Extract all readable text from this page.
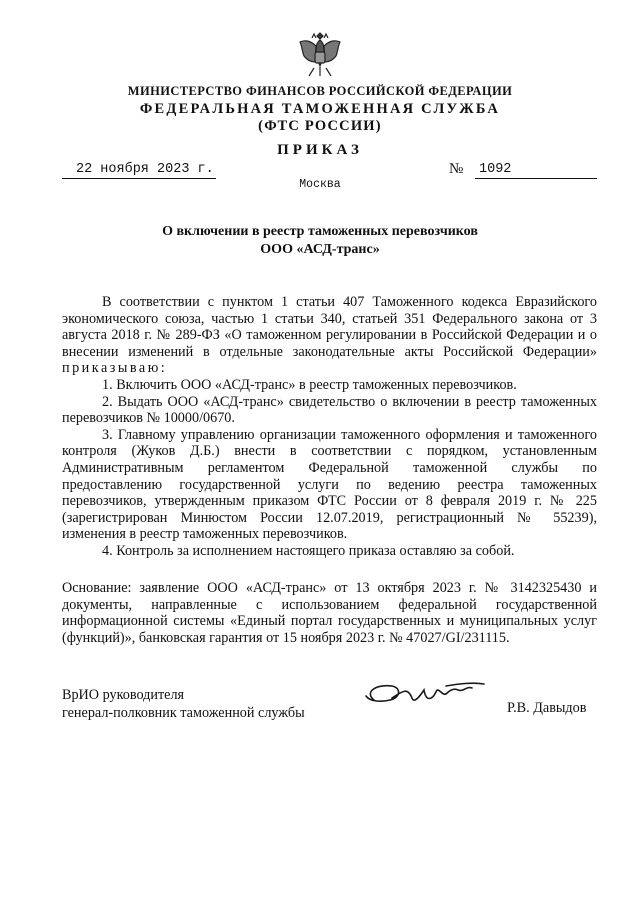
МИНИСТЕРСТВО ФИНАНСОВ РОССИЙСКОЙ ФЕДЕРАЦИИ
ФЕДЕРАЛЬНАЯ ТАМОЖЕННАЯ СЛУЖБА
(ФТС РОССИИ)
ПРИКАЗ
22 ноября 2023 г.	№ 1092
Москва
О включении в реестр таможенных перевозчиков
ООО «АСД-транс»

В соответствии с пунктом 1 статьи 407 Таможенного кодекса Евразийского экономического союза, частью 1 статьи 340, статьей 351 Федерального закона от 3 августа 2018 г. № 289-ФЗ «О таможенном регулировании в Российской Федерации и о внесении изменений в отдельные законодательные акты Российской Федерации» приказываю:

1. Включить ООО «АСД-транс» в реестр таможенных перевозчиков.

2. Выдать ООО «АСД-транс» свидетельство о включении в реестр таможенных перевозчиков № 10000/0670.

3. Главному управлению организации таможенного оформления и таможенного контроля (Жуков Д.Б.) внести в соответствии с порядком, установленным Административным регламентом Федеральной таможенной службы по предоставлению государственной услуги по ведению реестра таможенных перевозчиков, утвержденным приказом ФТС России от 8 февраля 2019 г. № 225 (зарегистрирован Минюстом России 12.07.2019, регистрационный № 55239), изменения в реестр таможенных перевозчиков.

4. Контроль за исполнением настоящего приказа оставляю за собой.

Основание: заявление ООО «АСД-транс» от 13 октября 2023 г. № 3142325430 и документы, направленные с использованием федеральной государственной информационной системы «Единый портал государственных и муниципальных услуг (функций)», банковская гарантия от 15 ноября 2023 г. № 47027/GI/231115.

ВрИО руководителя
генерал-полковник таможенной службы	Р.В. Давыдов
